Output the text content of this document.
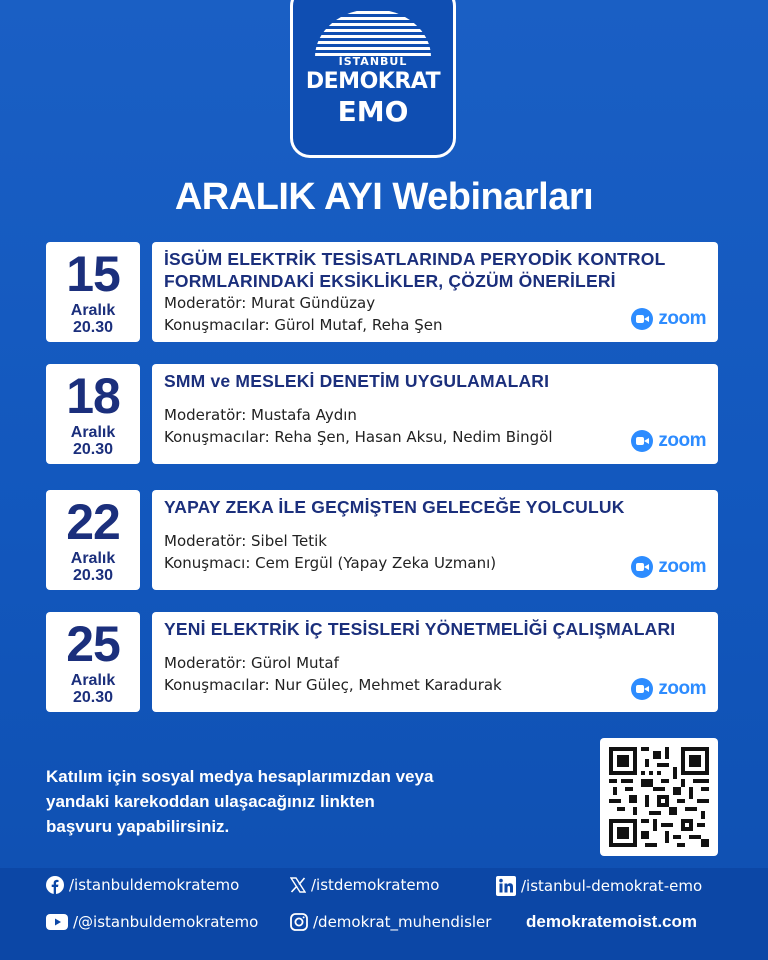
İSTANBUL
DEMOKRAT
EMO
ARALIK AYI Webinarları
15
Aralık
20.30
İSGÜM ELEKTRİK TESİSATLARINDA PERYODİK KONTROL
FORMLARINDAKİ EKSİKLİKLER, ÇÖZÜM ÖNERİLERİ
Moderatör: Murat Gündüzay
Konuşmacılar: Gürol Mutaf, Reha Şen	zoom
18
Aralık
20.30
SMM ve MESLEKİ DENETİM UYGULAMALARI
Moderatör: Mustafa Aydın
Konuşmacılar: Reha Şen, Hasan Aksu, Nedim Bingöl	zoom
22
Aralık
20.30
YAPAY ZEKA İLE GEÇMİŞTEN GELECEĞE YOLCULUK
Moderatör: Sibel Tetik
Konuşmacı: Cem Ergül (Yapay Zeka Uzmanı)	zoom
25
Aralık
20.30
YENİ ELEKTRİK İÇ TESİSLERİ YÖNETMELİĞİ ÇALIŞMALARI
Moderatör: Gürol Mutaf
Konuşmacılar: Nur Güleç, Mehmet Karadurak	zoom
Katılım için sosyal medya hesaplarımızdan veya
yandaki karekoddan ulaşacağınız linkten
başvuru yapabilirsiniz.
/istanbuldemokratemo	/istdemokratemo	/istanbul-demokrat-emo
/@istanbuldemokratemo	/demokrat_muhendisler demokratemoist.com
